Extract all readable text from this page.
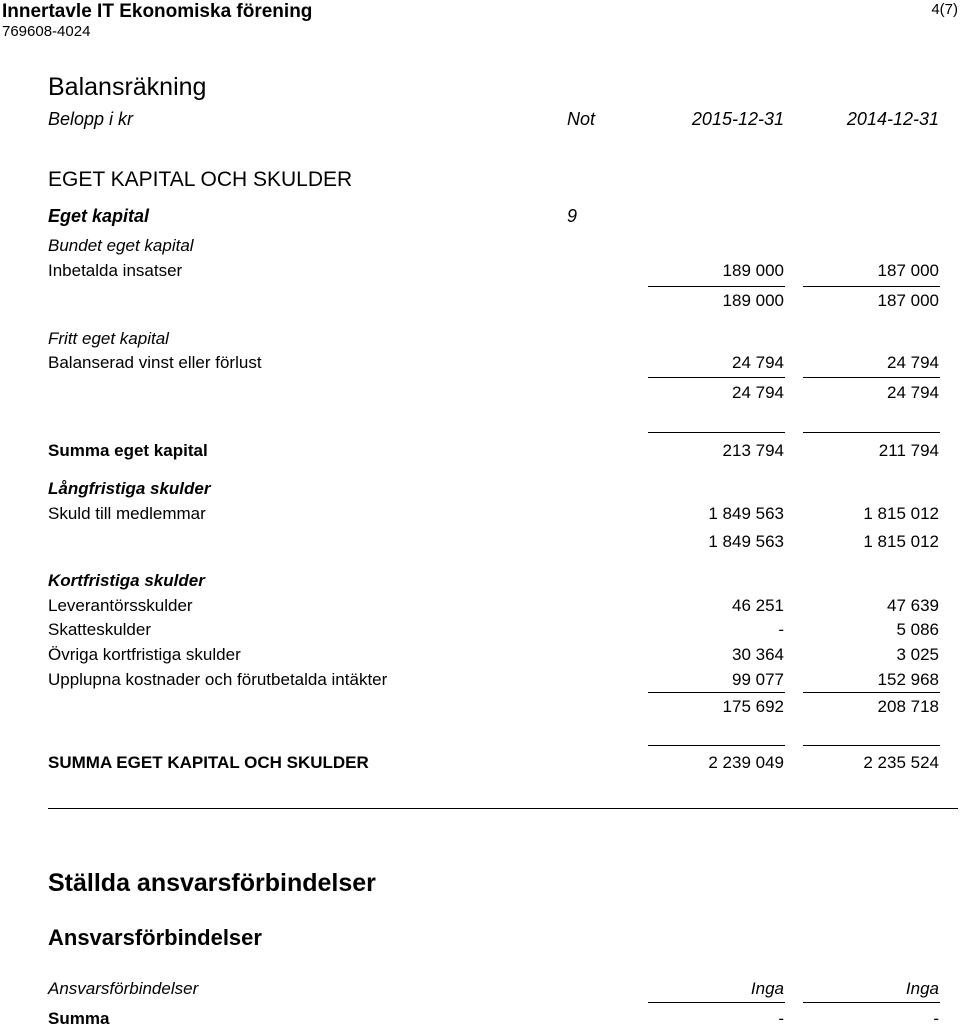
Innertavle IT Ekonomiska förening
769608-4024
4(7)
Balansräkning
Belopp i kr	Not	2015-12-31	2014-12-31
EGET KAPITAL OCH SKULDER
Eget kapital	9
Bundet eget kapital
Inbetalda insatser	189 000	187 000
189 000	187 000
Fritt eget kapital
Balanserad vinst eller förlust	24 794	24 794
24 794	24 794
Summa eget kapital	213 794	211 794
Långfristiga skulder
Skuld till medlemmar	1 849 563	1 815 012
1 849 563	1 815 012
Kortfristiga skulder
Leverantörsskulder	46 251	47 639
Skatteskulder	-	5 086
Övriga kortfristiga skulder	30 364	3 025
Upplupna kostnader och förutbetalda intäkter	99 077	152 968
175 692	208 718
SUMMA EGET KAPITAL OCH SKULDER	2 239 049	2 235 524
Ställda ansvarsförbindelser
Ansvarsförbindelser
Ansvarsförbindelser	Inga	Inga
Summa	-	-
